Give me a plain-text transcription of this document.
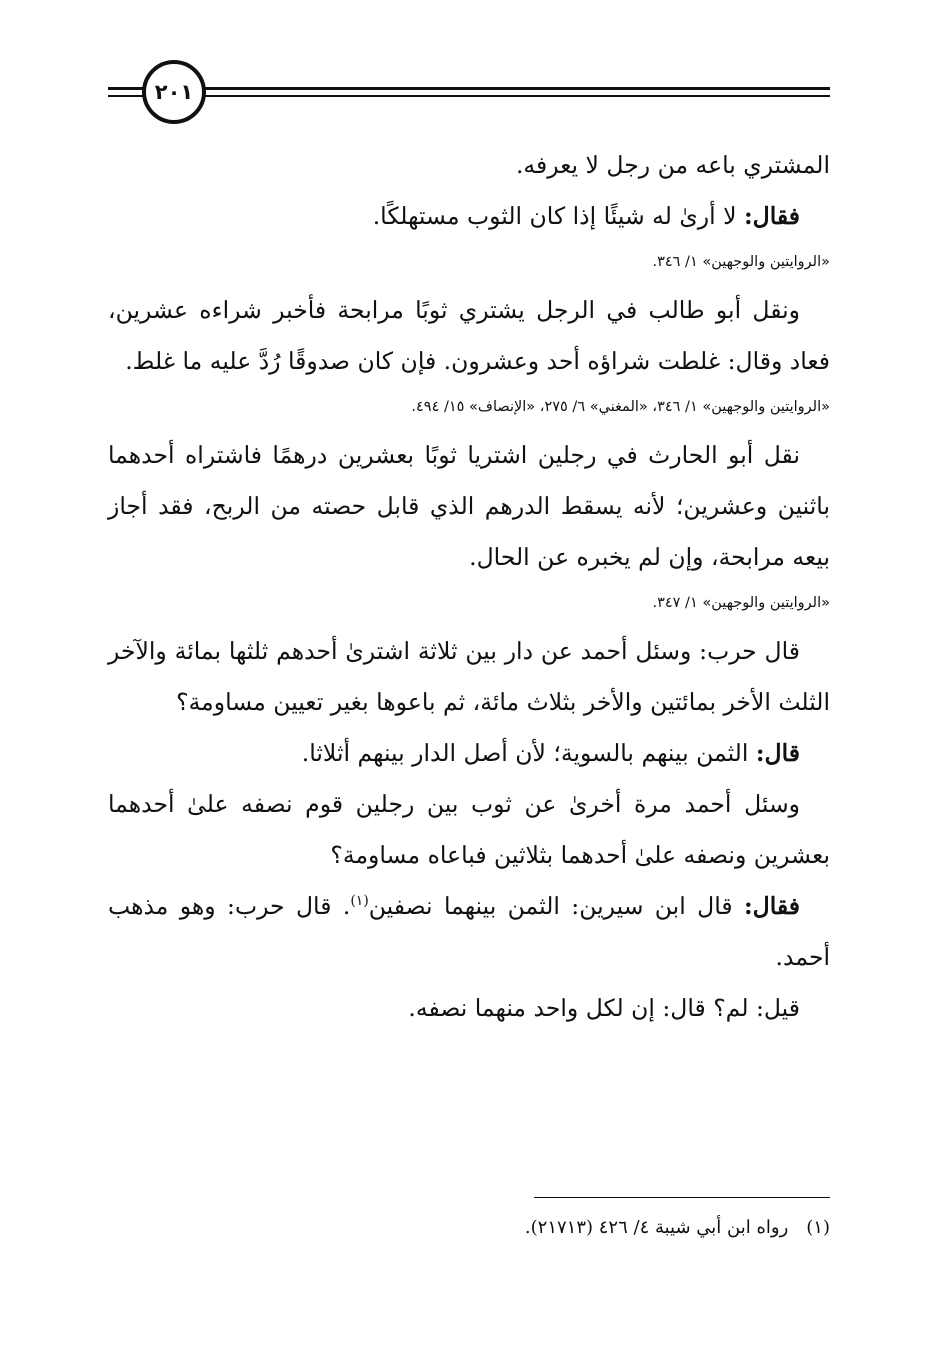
٢٠١

المشتري باعه من رجل لا يعرفه.

فقال: لا أرىٰ له شيئًا إذا كان الثوب مستهلكًا.

«الروايتين والوجهين» ١/ ٣٤٦.

ونقل أبو طالب في الرجل يشتري ثوبًا مرابحة فأخبر شراءه عشرين، فعاد وقال: غلطت شراؤه أحد وعشرون. فإن كان صدوقًا رُدَّ عليه ما غلط.

«الروايتين والوجهين» ١/ ٣٤٦، «المغني» ٦/ ٢٧٥، «الإنصاف» ١٥/ ٤٩٤.

نقل أبو الحارث في رجلين اشتريا ثوبًا بعشرين درهمًا فاشتراه أحدهما باثنين وعشرين؛ لأنه يسقط الدرهم الذي قابل حصته من الربح، فقد أجاز بيعه مرابحة، وإن لم يخبره عن الحال.

«الروايتين والوجهين» ١/ ٣٤٧.

قال حرب: وسئل أحمد عن دار بين ثلاثة اشترىٰ أحدهم ثلثها بمائة والآخر الثلث الأخر بمائتين والأخر بثلاث مائة، ثم باعوها بغير تعيين مساومة؟

قال: الثمن بينهم بالسوية؛ لأن أصل الدار بينهم أثلاثا.

وسئل أحمد مرة أخرىٰ عن ثوب بين رجلين قوم نصفه علىٰ أحدهما بعشرين ونصفه علىٰ أحدهما بثلاثين فباعاه مساومة؟

فقال: قال ابن سيرين: الثمن بينهما نصفين$^{(١)}$. قال حرب: وهو مذهب أحمد.

قيل: لم؟ قال: إن لكل واحد منهما نصفه.

(١) رواه ابن أبي شيبة ٤/ ٤٢٦ (٢١٧١٣).
